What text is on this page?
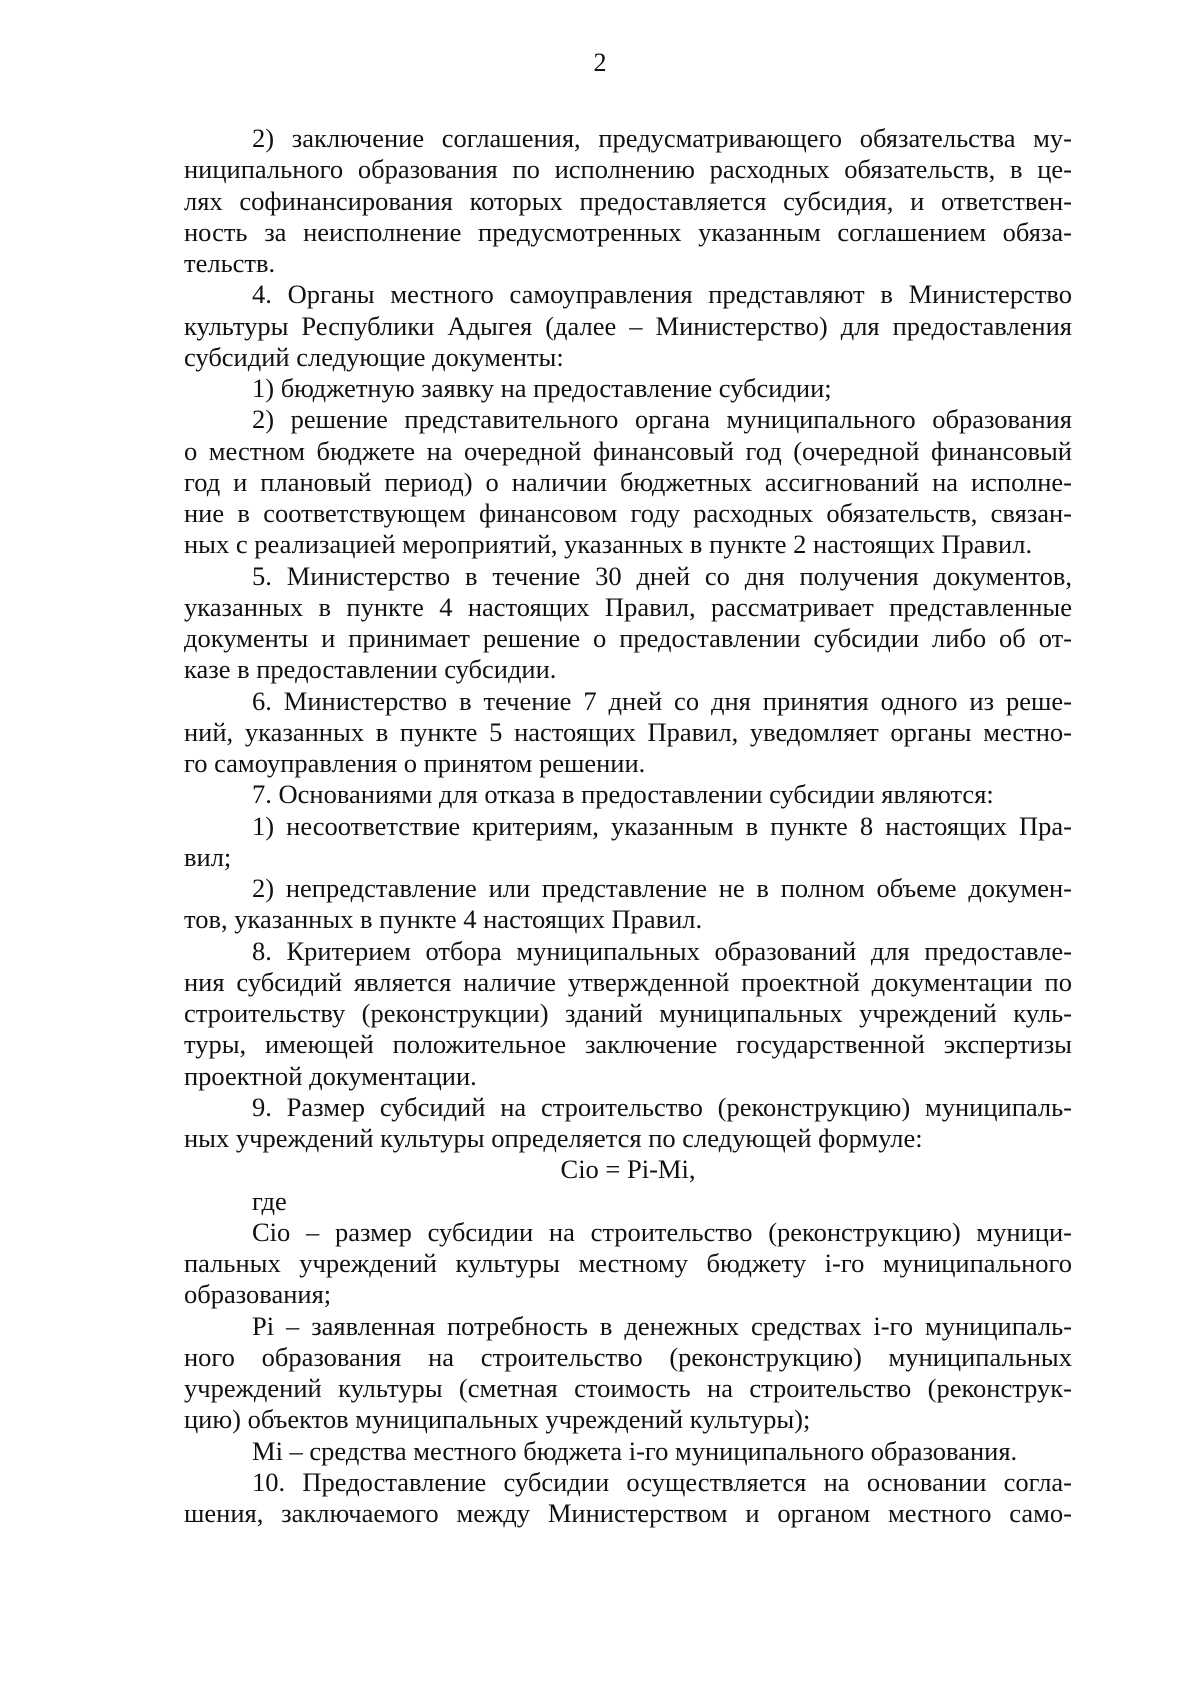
2
2) заключение соглашения, предусматривающего обязательства му-
ниципального образования по исполнению расходных обязательств, в це-
лях софинансирования которых предоставляется субсидия, и ответствен-
ность за неисполнение предусмотренных указанным соглашением обяза-
тельств.
4. Органы местного самоуправления представляют в Министерство
культуры Республики Адыгея (далее – Министерство) для предоставления
субсидий следующие документы:
1) бюджетную заявку на предоставление субсидии;
2) решение представительного органа муниципального образования
о местном бюджете на очередной финансовый год (очередной финансовый
год и плановый период) о наличии бюджетных ассигнований на исполне-
ние в соответствующем финансовом году расходных обязательств, связан-
ных с реализацией мероприятий, указанных в пункте 2 настоящих Правил.
5. Министерство в течение 30 дней со дня получения документов,
указанных в пункте 4 настоящих Правил, рассматривает представленные
документы и принимает решение о предоставлении субсидии либо об от-
казе в предоставлении субсидии.
6. Министерство в течение 7 дней со дня принятия одного из реше-
ний, указанных в пункте 5 настоящих Правил, уведомляет органы местно-
го самоуправления о принятом решении.
7. Основаниями для отказа в предоставлении субсидии являются:
1) несоответствие критериям, указанным в пункте 8 настоящих Пра-
вил;
2) непредставление или представление не в полном объеме докумен-
тов, указанных в пункте 4 настоящих Правил.
8. Критерием отбора муниципальных образований для предоставле-
ния субсидий является наличие утвержденной проектной документации по
строительству (реконструкции) зданий муниципальных учреждений куль-
туры, имеющей положительное заключение государственной экспертизы
проектной документации.
9. Размер субсидий на строительство (реконструкцию) муниципаль-
ных учреждений культуры определяется по следующей формуле:
Ciо = Pi-Mi,
где
Ciо – размер субсидии на строительство (реконструкцию) муници-
пальных учреждений культуры местному бюджету i-го муниципального
образования;
Pi – заявленная потребность в денежных средствах i-го муниципаль-
ного образования на строительство (реконструкцию) муниципальных
учреждений культуры (сметная стоимость на строительство (реконструк-
цию) объектов муниципальных учреждений культуры);
Mi – средства местного бюджета i-го муниципального образования.
10. Предоставление субсидии осуществляется на основании согла-
шения, заключаемого между Министерством и органом местного само-
